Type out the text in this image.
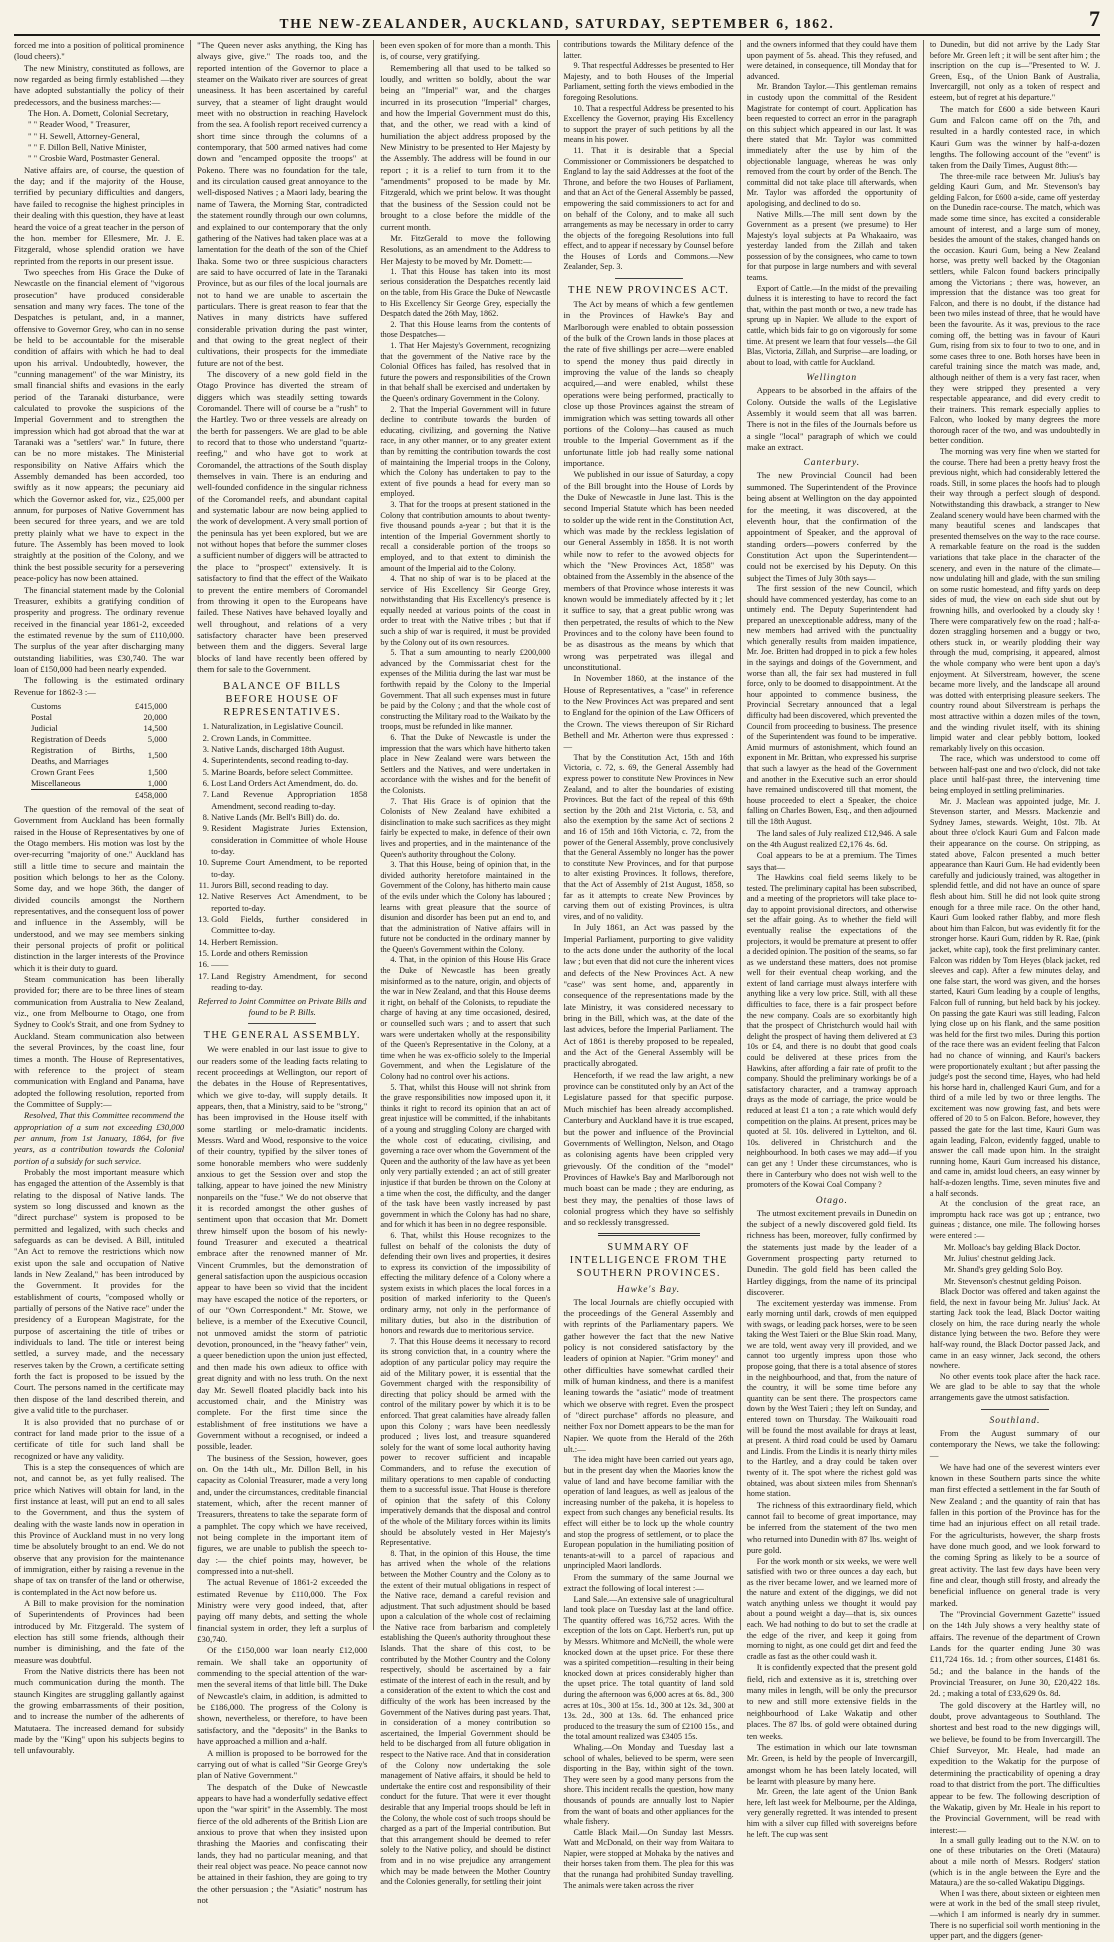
THE NEW-ZEALANDER, AUCKLAND, SATURDAY, SEPTEMBER 6, 1862.	7

forced me into a position of political prominence (loud cheers)."

The new Ministry, constituted as follows, are now regarded as being firmly established —they have adopted substantially the policy of their predecessors, and the business marches:—

The Hon. A. Domett, Colonial Secretary,
" " Reader Wood, " Treasurer,
" " H. Sewell, Attorney-General,
" " F. Dillon Bell, Native Minister,
" " Crosbie Ward, Postmaster General.

Native affairs are, of course, the question of the day; and if the majority of the House, terrified by pecuniary difficulties and dangers, have failed to recognise the highest principles in their dealing with this question, they have at least heard the voice of a great teacher in the person of the hon. member for Ellesmere, Mr. J. E. Fitzgerald, whose splendid oration we have reprinted from the reports in our present issue.

Two speeches from His Grace the Duke of Newcastle on the financial element of "vigorous prosecution" have produced considerable sensation and many wry faces. The tone of the Despatches is petulant, and, in a manner, offensive to Governor Grey, who can in no sense be held to be accountable for the miserable condition of affairs with which he had to deal upon his arrival. Undoubtedly, however, the "cunning management" of the war Ministry, its small financial shifts and evasions in the early period of the Taranaki disturbance, were calculated to provoke the suspicions of the Imperial Government and to strengthen the impression which had got abroad that the war at Taranaki was a "settlers' war." In future, there can be no more mistakes. The Ministerial responsibility on Native Affairs which the Assembly demanded has been accorded, too swiftly as it now appears; the pecuniary aid which the Governor asked for, viz., £25,000 per annum, for purposes of Native Government has been secured for three years, and we are told pretty plainly what we have to expect in the future. The Assembly has been moved to look straightly at the position of the Colony, and we think the best possible security for a persevering peace-policy has now been attained.

The financial statement made by the Colonial Treasurer, exhibits a gratifying condition of prosperity and progress. The ordinary revenue received in the financial year 1861-2, exceeded the estimated revenue by the sum of £110,000. The surplus of the year after discharging many outstanding liabilities, was £30,740. The war loan of £150,000 had been nearly expended.

The following is the estimated ordinary Revenue for 1862-3 :—

Customs	£415,000
Postal	20,000
Judicial	14,500
Registration of Deeds	5,000
Registration of Births, Deaths, and Marriages	1,500
Crown Grant Fees	1,500
Miscellaneous	1,000
	£458,000

The question of the removal of the seat of Government from Auckland has been formally raised in the House of Representatives by one of the Otago members. His motion was lost by the over-recurring "majority of one." Auckland has still a little time to secure and maintain the position which belongs to her as the Colony. Some day, and we hope 36th, the danger of divided councils amongst the Northern representatives, and the consequent loss of power and influence in the Assembly, will be understood, and we may see members sinking their personal projects of profit or political distinction in the larger interests of the Province which it is their duty to guard.

Steam communication has been liberally provided for; there are to be three lines of steam communication from Australia to New Zealand, viz., one from Melbourne to Otago, one from Sydney to Cook's Strait, and one from Sydney to Auckland. Steam communication also between the several Provinces, by the coast line, four times a month. The House of Representatives, with reference to the project of steam communication with England and Panama, have adopted the following resolution, reported from the Committee of Supply:—

Resolved, That this Committee recommend the appropriation of a sum not exceeding £30,000 per annum, from 1st January, 1864, for five years, as a contribution towards the Colonial portion of a subsidy for such service.

Probably the most important measure which has engaged the attention of the Assembly is that relating to the disposal of Native lands. The system so long discussed and known as the "direct purchase" system is proposed to be permitted and legalized, with such checks and safeguards as can be devised. A Bill, intituled "An Act to remove the restrictions which now exist upon the sale and occupation of Native lands in New Zealand," has been introduced by the Government. It provides for the establishment of courts, "composed wholly or partially of persons of the Native race" under the presidency of a European Magistrate, for the purpose of ascertaining the title of tribes or individuals to land. The title or interest being settled, a survey made, and the necessary reserves taken by the Crown, a certificate setting forth the fact is proposed to be issued by the Court. The persons named in the certificate may then dispose of the land described therein, and give a valid title to the purchaser.

It is also provided that no purchase of or contract for land made prior to the issue of a certificate of title for such land shall be recognized or have any validity.

This is a step the consequences of which are not, and cannot be, as yet fully realised. The price which Natives will obtain for land, in the first instance at least, will put an end to all sales to the Government, and thus the system of dealing with the waste lands now in operation in this Province of Auckland must in no very long time be absolutely brought to an end. We do not observe that any provision for the maintenance of immigration, either by raising a revenue in the shape of tax on transfer of the land or otherwise, is contemplated in the Act now before us.

A Bill to make provision for the nomination of Superintendents of Provinces had been introduced by Mr. Fitzgerald. The system of election has still some friends, although their number is diminishing, and the fate of the measure was doubtful.

From the Native districts there has been not much communication during the month. The staunch Kingites are struggling gallantly against the growing embarrassments of their position, and to increase the number of the adherents of Matutaera. The increased demand for subsidy made by the "King" upon his subjects begins to tell unfavourably.

"The Queen never asks anything, the King has always give, give." The roads too, and the reported intention of the Governor to place a steamer on the Waikato river are sources of great uneasiness. It has been ascertained by careful survey, that a steamer of light draught would meet with no obstruction in reaching Havelock from the sea. A foolish report received currency a short time since through the columns of a contemporary, that 500 armed natives had come down and "encamped opposite the troops" at Pokeno. There was no foundation for the tale, and its circulation caused great annoyance to the well-disposed Natives ; a Maori lady, bearing the name of Tawera, the Morning Star, contradicted the statement roundly through our own columns, and explained to our contemporary that the only gathering of the Natives had taken place was at a lamentation for the death of the son of the Chief Ihaka. Some two or three suspicious characters are said to have occurred of late in the Taranaki Province, but as our files of the local journals are not to hand we are unable to ascertain the particulars. There is great reason to fear that the Natives in many districts have suffered considerable privation during the past winter, and that owing to the great neglect of their cultivations, their prospects for the immediate future are not of the best.

The discovery of a new gold field in the Otago Province has diverted the stream of diggers which was steadily setting towards Coromandel. There will of course be a "rush" to the Hartley. Two or three vessels are already on the berth for passengers. We are glad to be able to record that to those who understand "quartz-reefing," and who have got to work at Coromandel, the attractions of the South display themselves in vain. There is an enduring and well-founded confidence in the singular richness of the Coromandel reefs, and abundant capital and systematic labour are now being applied to the work of development. A very small portion of the peninsula has yet been explored, but we are not without hopes that before the summer closes a sufficient number of diggers will be attracted to the place to "prospect" extensively. It is satisfactory to find that the effect of the Waikato to prevent the entire members of Coromandel from throwing it open to the Europeans have failed. These Natives have behaved loyally and well throughout, and relations of a very satisfactory character have been preserved between them and the diggers. Several large blocks of land have recently been offered by them for sale to the Government.

BALANCE OF BILLS BEFORE HOUSE OF REPRESENTATIVES.
1. Naturalization, in Legislative Council.
2. Crown Lands, in Committee.
3. Native Lands, discharged 18th August.
4. Superintendents, second reading to-day.
5. Marine Boards, before select Committee.
6. Lost Land Orders Act Amendment, do. do.
7. Land Revenue Appropriation 1858 Amendment, second reading to-day.
8. Native Lands (Mr. Bell's Bill) do. do.
9. Resident Magistrate Juries Extension, consideration in Committee of whole House to-day.
10. Supreme Court Amendment, to be reported to-day.
11. Jurors Bill, second reading to day.
12. Native Reserves Act Amendment, to be reported to-day.
13. Gold Fields, further considered in Committee to-day.
14. Herbert Remission.
15. Lorde and others Remission
16. ——
17. Land Registry Amendment, for second reading to-day.

Referred to Joint Committee on Private Bills and found to be P. Bills.

THE GENERAL ASSEMBLY.

We were enabled in our last issue to give to our readers some of the leading facts relating to recent proceedings at Wellington, our report of the debates in the House of Representatives, which we give to-day, will supply details. It appears, then, that a Ministry, said to be "strong," has been improvised in the House itself with some startling or melo-dramatic incidents. Messrs. Ward and Wood, responsive to the voice of their country, typified by the silver tones of some honorable members who were suddenly anxious to get the Session over and stop the talking, appear to have joined the new Ministry nonpareils on the "fuse." We do not observe that it is recorded amongst the other gushes of sentiment upon that occasion that Mr. Domett threw himself upon the bosom of his newly-found Treasurer and executed a theatrical embrace after the renowned manner of Mr. Vincent Crummles, but the demonstration of general satisfaction upon the auspicious occasion appear to have been so vivid that the incident may have escaped the notice of the reporters, or of our "Own Correspondent." Mr. Stowe, we believe, is a member of the Executive Council, not unmoved amidst the storm of patriotic devotion, pronounced, in the "heavy father" vein, a queer benediction upon the union just effected, and then made his own adieux to office with great dignity and with no less truth. On the next day Mr. Sewell floated placidly back into his accustomed chair, and the Ministry was complete. For the first time since the establishment of free institutions we have a Government without a recognised, or indeed a possible, leader.

The business of the Session, however, goes on. On the 14th ult., Mr. Dillon Bell, in his capacity as Colonial Treasurer, made a very long and, under the circumstances, creditable financial statement, which, after the recent manner of Treasurers, threatens to take the separate form of a pamphlet. The copy which we have received, not being complete in the important item of figures, we are unable to publish the speech to-day :— the chief points may, however, be compressed into a nut-shell.

The actual Revenue of 1861-2 exceeded the estimated Revenue by £110,000. The Fox Ministry were very good indeed, that, after paying off many debts, and setting the whole financial system in order, they left a surplus of £30,740.

Of the £150,000 war loan nearly £12,000 remain. We shall take an opportunity of commending to the special attention of the war-men the several items of that little bill. The Duke of Newcastle's claim, in addition, is admitted to be £186,000. The progress of the Colony is shown, nevertheless, or therefore, to have been satisfactory, and the "deposits" in the Banks to have approached a million and a-half.

A million is proposed to be borrowed for the carrying out of what is called "Sir George Grey's plan of Native Government."

The despatch of the Duke of Newcastle appears to have had a wonderfully sedative effect upon the "war spirit" in the Assembly. The most fierce of the old adherents of the British Lion are anxious to prove that when they insisted upon thrashing the Maories and confiscating their lands, they had no particular meaning, and that their real object was peace. No peace cannot now be attained in their fashion, they are going to try the other persuasion ; the "Asiatic" nostrum has not

been even spoken of for more than a month. This is, of course, very gratifying.

Remembering all that used to be talked so loudly, and written so boldly, about the war being an "Imperial" war, and the charges incurred in its prosecution "Imperial" charges, and how the Imperial Government must do this, that, and the other, we read with a kind of humiliation the abject address proposed by the New Ministry to be presented to Her Majesty by the Assembly. The address will be found in our report ; it is a relief to turn from it to the "amendments" proposed to be made by Mr. Fitzgerald, which we print below. It was thought that the business of the Session could not be brought to a close before the middle of the current month.

Mr. FitzGerald to move the following Resolutions, as an amendment to the Address to Her Majesty to be moved by Mr. Domett:—

1. That this House has taken into its most serious consideration the Despatches recently laid on the table, from His Grace the Duke of Newcastle to His Excellency Sir George Grey, especially the Despatch dated the 26th May, 1862.

2. That this House learns from the contents of those Despatches—

1. That Her Majesty's Government, recognizing that the government of the Native race by the Colonial Offices has failed, has resolved that in future the powers and responsibilities of the Crown in that behalf shall be exercised and undertaken by the Queen's ordinary Government in the Colony.

2. That the Imperial Government will in future decline to contribute towards the burden of educating, civilizing, and governing the Native race, in any other manner, or to any greater extent than by remitting the contribution towards the cost of maintaining the Imperial troops in the Colony, which the Colony has undertaken to pay to the extent of five pounds a head for every man so employed.

3. That for the troops at present stationed in the Colony that contribution amounts to about twenty-five thousand pounds a-year ; but that it is the intention of the Imperial Government shortly to recall a considerable portion of the troops so employed, and to that extent to diminish the amount of the Imperial aid to the Colony.

4. That no ship of war is to be placed at the service of His Excellency Sir George Grey, notwithstanding that His Excellency's presence is equally needed at various points of the coast in order to treat with the Native tribes ; but that if such a ship of war is required, it must be provided by the Colony out of its own resources.

5. That a sum amounting to nearly £200,000 advanced by the Commissariat chest for the expenses of the Militia during the last war must be forthwith repaid by the Colony to the Imperial Government. That all such expenses must in future be paid by the Colony ; and that the whole cost of constructing the Military road to the Waikato by the troops, must be refunded in like manner.

6. That the Duke of Newcastle is under the impression that the wars which have hitherto taken place in New Zealand were wars between the Settlers and the Natives, and were undertaken in accordance with the wishes and for the benefit of the Colonists.

7. That His Grace is of opinion that the Colonists of New Zealand have exhibited a disinclination to make such sacrifices as they might fairly be expected to make, in defence of their own lives and properties, and in the maintenance of the Queen's authority throughout the Colony.

3. That this House, being of opinion that, in the divided authority heretofore maintained in the Government of the Colony, has hitherto main cause of the evils under which the Colony has laboured ; learns with great pleasure that the source of disunion and disorder has been put an end to, and that the administration of Native affairs will in future not be conducted in the ordinary manner by the Queen's Government within the Colony.

4. That, in the opinion of this House His Grace the Duke of Newcastle has been greatly misinformed as to the nature, origin, and objects of the war in New Zealand, and that this House deems it right, on behalf of the Colonists, to repudiate the charge of having at any time occasioned, desired, or counselled such wars ; and to assert that such wars were undertaken wholly at the responsibility of the Queen's Representative in the Colony, at a time when he was ex-officio solely to the Imperial Government, and when the Legislature of the Colony had no control over his actions.

5. That, whilst this House will not shrink from the grave responsibilities now imposed upon it, it thinks it right to record its opinion that an act of great injustice will be committed, if the inhabitants of a young and struggling Colony are charged with the whole cost of educating, civilising, and governing a race over whom the Government of the Queen and the authority of the law have as yet been only very partially extended ; an act of still greater injustice if that burden be thrown on the Colony at a time when the cost, the difficulty, and the danger of the task have been vastly increased by past government in which the Colony has had no share, and for which it has been in no degree responsible.

6. That, whilst this House recognizes to the fullest on behalf of the colonists the duty of defending their own lives and properties, it desires to express its conviction of the impossibility of effecting the military defence of a Colony where a system exists in which places the local forces in a position of marked inferiority to the Queen's ordinary army, not only in the performance of military duties, but also in the distribution of honors and rewards due to meritorious service.

7. That this House deems it necessary to record its strong conviction that, in a country where the adoption of any particular policy may require the aid of the Military power, it is essential that the Government charged with the responsibility of directing that policy should be armed with the control of the military power by which it is to be enforced. That great calamities have already fallen upon this Colony ; wars have been needlessly produced ; lives lost, and treasure squandered solely for the want of some local authority having power to recover sufficient and incapable Commanders, and to refuse the execution of military operations to men capable of conducting them to a successful issue. That House is therefore of opinion that the safety of this Colony imperatively demands that the disposal and control of the whole of the Military forces within its limits should be absolutely vested in Her Majesty's Representative.

8. That, in the opinion of this House, the time has arrived when the whole of the relations between the Mother Country and the Colony as to the extent of their mutual obligations in respect of the Native race, demand a careful revision and adjustment. That such adjustment should be based upon a calculation of the whole cost of reclaiming the Native race from barbarism and completely establishing the Queen's authority throughout these Islands. That the share of this cost, to be contributed by the Mother Country and the Colony respectively, should be ascertained by a fair estimate of the interest of each in the result, and by a consideration of the extent to which the cost and difficulty of the work has been increased by the Government of the Natives during past years. That, in consideration of a money contribution so ascertained, the Imperial Government should be held to be discharged from all future obligation in respect to the Native race. And that in consideration of the Colony now undertaking the sole management of Native affairs, it should be held to undertake the entire cost and responsibility of their conduct for the future. That were it ever thought desirable that any Imperial troops should be left in the Colony, the whole cost of such troops should be charged as a part of the Imperial contribution. But that this arrangement should be deemed to refer solely to the Native policy, and should be distinct from and in no wise prejudice any arrangement which may be made between the Mother Country and the Colonies generally, for settling their joint

contributions towards the Military defence of the latter.

9. That respectful Addresses be presented to Her Majesty, and to both Houses of the Imperial Parliament, setting forth the views embodied in the foregoing Resolutions.

10. That a respectful Address be presented to his Excellency the Governor, praying His Excellency to support the prayer of such petitions by all the means in his power.

11. That it is desirable that a Special Commissioner or Commissioners be despatched to England to lay the said Addresses at the foot of the Throne, and before the two Houses of Parliament, and that an Act of the General Assembly be passed, empowering the said commissioners to act for and on behalf of the Colony, and to make all such arrangements as may be necessary in order to carry the objects of the foregoing Resolutions into full effect, and to appear if necessary by Counsel before the Houses of Lords and Commons.—New Zealander, Sep. 3.

THE NEW PROVINCES ACT.

The Act by means of which a few gentlemen in the Provinces of Hawke's Bay and Marlborough were enabled to obtain possession of the bulk of the Crown lands in those places at the rate of five shillings per acre—were enabled to spend the money thus paid directly in improving the value of the lands so cheaply acquired,—and were enabled, whilst these operations were being performed, practically to close up those Provinces against the stream of immigration which was setting towards all other portions of the Colony—has caused as much trouble to the Imperial Government as if the unfortunate little job had really some national importance.

We published in our issue of Saturday, a copy of the Bill brought into the House of Lords by the Duke of Newcastle in June last. This is the second Imperial Statute which has been needed to solder up the wide rent in the Constitution Act, which was made by the reckless legislation of our General Assembly in 1858. It is not worth while now to refer to the avowed objects for which the "New Provinces Act, 1858" was obtained from the Assembly in the absence of the members of that Province whose interests it was known would be immediately affected by it ; let it suffice to say, that a great public wrong was then perpetrated, the results of which to the New Provinces and to the colony have been found to be as disastrous as the means by which that wrong was perpetrated was illegal and unconstitutional.

In November 1860, at the instance of the House of Representatives, a "case" in reference to the New Provinces Act was prepared and sent to England for the opinion of the Law Officers of the Crown. The views thereupon of Sir Richard Bethell and Mr. Atherton were thus expressed :—

That by the Constitution Act, 15th and 16th Victoria, c. 72, s. 69, the General Assembly had express power to constitute New Provinces in New Zealand, and to alter the boundaries of existing Provinces. But the fact of the repeal of this 69th section by the 20th and 21st Victoria, c. 53, and also the exemption by the same Act of sections 2 and 16 of 15th and 16th Victoria, c. 72, from the power of the General Assembly, prove conclusively that the General Assembly no longer has the power to constitute New Provinces, and for that purpose to alter existing Provinces. It follows, therefore, that the Act of Assembly of 21st August, 1858, so far as it attempts to create New Provinces by carving them out of existing Provinces, is ultra vires, and of no validity.

In July 1861, an Act was passed by the Imperial Parliament, purporting to give validity to the acts done under the authority of the local law ; but even that did not cure the inherent vices and defects of the New Provinces Act. A new "case" was sent home, and, apparently in consequence of the representations made by the late Ministry, it was considered necessary to bring in the Bill, which was, at the date of the last advices, before the Imperial Parliament. The Act of 1861 is thereby proposed to be repealed, and the Act of the General Assembly will be practically abrogated.

Henceforth, if we read the law aright, a new province can be constituted only by an Act of the Legislature passed for that specific purpose. Much mischief has been already accomplished. Canterbury and Auckland have it is true escaped, but the power and influence of the Provincial Governments of Wellington, Nelson, and Otago as colonising agents have been crippled very grievously. Of the condition of the "model" Provinces of Hawke's Bay and Marlborough not much boast can be made ; they are enduring, as best they may, the penalties of those laws of colonial progress which they have so selfishly and so recklessly transgressed.

SUMMARY OF INTELLIGENCE FROM THE SOUTHERN PROVINCES.
Hawke's Bay.

The local Journals are chiefly occupied with the proceedings of the General Assembly and with reprints of the Parliamentary papers. We gather however the fact that the new Native policy is not considered satisfactory by the leaders of opinion at Napier. "Grim money" and other difficulties have somewhat cardled their milk of human kindness, and there is a manifest leaning towards the "asiatic" mode of treatment which we observe with regret. Even the prospect of "direct purchase" affords no pleasure, and neither Fox nor Domett appears to be the man for Napier. We quote from the Herald of the 26th ult.:—

The idea might have been carried out years ago, but in the present day when the Maories know the value of land and have become familiar with the operation of land leagues, as well as jealous of the increasing number of the pakeha, it is hopeless to expect from such changes any beneficial results. Its effect will either be to lock up the whole country and stop the progress of settlement, or to place the European population in the humiliating position of tenants-at-will to a parcel of rapacious and unprincipled Maori landlords.

From the summary of the same Journal we extract the following of local interest :—

Land Sale.—An extensive sale of unagricultural land took place on Tuesday last at the land office. The quantity offered was 16,752 acres. With the exception of the lots on Capt. Herbert's run, put up by Messrs. Whitmore and McNeill, the whole were knocked down at the upset price. For these there was a spirited competition—resulting in their being knocked down at prices considerably higher than the upset price. The total quantity of land sold during the afternoon was 6,000 acres at 6s. 8d., 300 acres at 10s., 300 at 15s. 1d., 300 at 12s. 3d., 300 at 13s. 2d., 300 at 13s. 6d. The enhanced price produced to the treasury the sum of £2100 15s., and the total amount realized was £3405 15s.

Whaling.—On Monday and Tuesday last a school of whales, believed to be sperm, were seen disporting in the Bay, within sight of the town. They were seen by a good many persons from the shore. This incident recalls the question, how many thousands of pounds are annually lost to Napier from the want of boats and other appliances for the whale fishery.

Cattle Black Mail.—On Sunday last Messrs. Watt and McDonald, on their way from Waitara to Napier, were stopped at Mohaka by the natives and their horses taken from them. The plea for this was that the runanga had prohibited Sunday travelling. The animals were taken across the river

and the owners informed that they could have them upon payment of 5s. ahead. This they refused, and were detained, in consequence, till Monday that for advanced.

Mr. Brandon Taylor.—This gentleman remains in custody upon the committal of the Resident Magistrate for contempt of court. Application has been requested to correct an error in the paragraph on this subject which appeared in our last. It was there stated that Mr. Taylor was committed immediately after the use by him of the objectionable language, whereas he was only removed from the court by order of the Bench. The committal did not take place till afterwards, when Mr. Taylor was afforded the opportunity of apologising, and declined to do so.

Native Mills.—The mill sent down by the Government as a present (we presume) to Her Majesty's loyal subjects at Pa Whakaairo, was yesterday landed from the Zillah and taken possession of by the consignees, who came to town for that purpose in large numbers and with several teams.

Export of Cattle.—In the midst of the prevailing dulness it is interesting to have to record the fact that, within the past month or two, a new trade has sprung up in Napier. We allude to the export of cattle, which bids fair to go on vigorously for some time. At present we learn that four vessels—the Gil Blas, Victoria, Zillah, and Surprise—are loading, or about to load, with cattle for Auckland.

Wellington

Appears to be absorbed in the affairs of the Colony. Outside the walls of the Legislative Assembly it would seem that all was barren. There is not in the files of the Journals before us a single "local" paragraph of which we could make an extract.

Canterbury.

The new Provincial Council had been summoned. The Superintendent of the Province being absent at Wellington on the day appointed for the meeting, it was discovered, at the eleventh hour, that the confirmation of the appointment of Speaker, and the approval of standing orders—powers conferred by the Constitution Act upon the Superintendent—could not be exercised by his Deputy. On this subject the Times of July 30th says—

The first session of the new Council, which should have commenced yesterday, has come to an untimely end. The Deputy Superintendent had prepared an unexceptionable address, many of the new members had arrived with the punctuality which generally results from maiden impatience, Mr. Joe. Britten had dropped in to pick a few holes in the sayings and doings of the Government, and worse than all, the fair sex had mustered in full force, only to be doomed to disappointment. At the hour appointed to commence business, the Provincial Secretary announced that a legal difficulty had been discovered, which prevented the Council from proceeding to business. The presence of the Superintendent was found to be imperative. Amid murmurs of astonishment, which found an exponent in Mr. Brittan, who expressed his surprise that such a lawyer as the head of the Government and another in the Executive such an error should have remained undiscovered till that moment, the house proceeded to elect a Speaker, the choice falling on Charles Bowen, Esq., and then adjourned till the 18th August.

The land sales of July realized £12,946. A sale on the 4th August realized £2,176 4s. 6d.

Coal appears to be at a premium. The Times says that—

The Hawkins coal field seems likely to be tested. The preliminary capital has been subscribed, and a meeting of the proprietors will take place to-day to appoint provisional directors, and otherwise set the affair going. As to whether the field will eventually realise the expectations of the projectors, it would be premature at present to offer a decided opinion. The position of the seams, so far as we understand these matters, does not promise well for their eventual cheap working, and the extent of land carriage must always interfere with anything like a very low price. Still, with all these difficulties to face, there is a fair prospect before the new company. Coals are so exorbitantly high that the prospect of Christchurch would hail with delight the prospect of having them delivered at £3 10s or £4, and there is no doubt that good coals could be delivered at these prices from the Hawkins, after affording a fair rate of profit to the company. Should the preliminary workings be of a satisfactory character, and a tramway approach drays as the mode of carriage, the price would be reduced at least £1 a ton ; a rate which would defy competition on the plains. At present, prices may be quoted at 5l. 10s. delivered in Lyttelton, and 6l. 10s. delivered in Christchurch and the neighbourhood. In both cases we may add—if you can get any ! Under these circumstances, who is there in Canterbury who does not wish well to the promoters of the Kowai Coal Company ?

Otago.

The utmost excitement prevails in Dunedin on the subject of a newly discovered gold field. Its richness has been, moreover, fully confirmed by the statements just made by the leader of a Government prospecting party returned to Dunedin. The gold field has been called the Hartley diggings, from the name of its principal discoverer.

The excitement yesterday was immense. From early morning until dark, crowds of men equipped with swags, or leading pack horses, were to be seen taking the West Taieri or the Blue Skin road. Many, we are told, went away very ill provided, and we cannot too urgently impress upon those who propose going, that there is a total absence of stores in the neighbourhood, and that, from the nature of the country, it will be some time before any quantity can be sent there. The prospectors came down by the West Taieri ; they left on Sunday, and entered town on Thursday. The Waikouaiti road will be found the most available for drays at least, at present. A third road could be used by Oamaru and Lindis. From the Lindis it is nearly thirty miles to the Hartley, and a dray could be taken over twenty of it. The spot where the richest gold was obtained, was about sixteen miles from Shennan's home station.

The richness of this extraordinary field, which cannot fail to become of great importance, may be inferred from the statement of the two men who returned into Dunedin with 87 lbs. weight of pure gold.

For the work month or six weeks, we were well satisfied with two or three ounces a day each, but as the river became lower, and we learned more of the nature and extent of the diggings, we did not watch anything unless we thought it would pay about a pound weight a day—that is, six ounces each. We had nothing to do but to set the cradle at the edge of the river, and keep it going from morning to night, as one could get dirt and feed the cradle as fast as the other could wash it.

It is confidently expected that the present gold field, rich and extensive as it is, stretching over many miles in length, will be only the precursor to new and still more extensive fields in the neighbourhood of Lake Wakatip and other places. The 87 lbs. of gold were obtained during ten weeks.

The estimation in which our late townsman Mr. Green, is held by the people of Invercargill, amongst whom he has been lately located, will be learnt with pleasure by many here.

Mr. Green, the late agent of the Union Bank here, left last week for Melbourne, per the Aldinga, very generally regretted. It was intended to present him with a silver cup filled with sovereigns before he left. The cup was sent

to Dunedin, but did not arrive by the Lady Star before Mr. Green left ; it will be sent after him ; the inscription on the cup is—"Presented to W. J. Green, Esq., of the Union Bank of Australia, Invercargill, not only as a token of respect and esteem, but of regret at his departure."

The match for £600 a side between Kauri Gum and Falcon came off on the 7th, and resulted in a hardly contested race, in which Kauri Gum was the winner by half-a-dozen lengths. The following account of the "event" is taken from the Daily Times, August 8th:—

The three-mile race between Mr. Julius's bay gelding Kauri Gum, and Mr. Stevenson's bay gelding Falcon, for £600 a-side, came off yesterday on the Dunedin race-course. The match, which was made some time since, has excited a considerable amount of interest, and a large sum of money, besides the amount of the stakes, changed hands on the occasion. Kauri Gum, being a New Zealand horse, was pretty well backed by the Otagonian settlers, while Falcon found backers principally among the Victorians ; there was, however, an impression that the distance was too great for Falcon, and there is no doubt, if the distance had been two miles instead of three, that he would have been the favourite. As it was, previous to the race coming off, the betting was in favour of Kauri Gum, rising from six to four to two to one, and in some cases three to one. Both horses have been in careful training since the match was made, and, although neither of them is a very fast racer, when they were stripped they presented a very respectable appearance, and did every credit to their trainers. This remark especially applies to Falcon, who looked by many degrees the more thorough racer of the two, and was undoubtedly in better condition.

The morning was very fine when we started for the course. There had been a pretty heavy frost the previous night, which had considerably lettered the roads. Still, in some places the hoofs had to plough their way through a perfect slough of despond. Notwithstanding this drawback, a stranger to New Zealand scenery would have been charmed with the many beautiful scenes and landscapes that presented themselves on the way to the race course. A remarkable feature on the road is the sudden variations that take place in the character of the scenery, and even in the nature of the climate—now undulating hill and glade, with the sun smiling on some rustic homestead, and fifty yards on deep sides of mud, the view on each side shut out by frowning hills, and overlooked by a cloudy sky ! There were comparatively few on the road ; half-a-dozen straggling horsemen and a buggy or two, others stuck in, or wearily plodding their way through the mud, comprising, it appeared, almost the whole company who were bent upon a day's enjoyment. At Silverstream, however, the scene became more lively, and the landscape all around was dotted with enterprising pleasure seekers. The country round about Silverstream is perhaps the most attractive within a dozen miles of the town, and the winding rivulet itself, with its shining limpid water and clear pebbly bottom, looked remarkably lively on this occasion.

The race, which was understood to come off between half-past one and two o'clock, did not take place until half-past three, the intervening time being employed in settling preliminaries.

Mr. J. Maclean was appointed judge, Mr. J. Stevenson starter, and Messrs. Mackenzie and Sydney James, stewards. Weight, 10st. 7lb. At about three o'clock Kauri Gum and Falcon made their appearance on the course. On stripping, as stated above, Falcon presented a much better appearance than Kauri Gum. He had evidently been carefully and judiciously trained, was altogether in splendid fettle, and did not have an ounce of spare flesh about him. Still he did not look quite strong enough for a three mile race. On the other hand, Kauri Gum looked rather flabby, and more flesh about him than Falcon, but was evidently fit for the stronger horse. Kauri Gum, ridden by R. Rae, (pink jacket, white cap), took the first preliminary canter. Falcon was ridden by Tom Heyes (black jacket, red sleeves and cap). After a few minutes delay, and one false start, the word was given, and the horses started, Kauri Gum leading by a couple of lengths, Falcon full of running, but held back by his jockey. On passing the gate Kauri was still leading, Falcon lying close up on his flank, and the same position was held for the first two miles. During this portion of the race there was an evident feeling that Falcon had no chance of winning, and Kauri's backers were proportionately exultant ; but after passing the judge's post the second time, Hayes, who had held his horse hard in, challenged Kauri Gum, and for a third of a mile led by two or three lengths. The excitement was now growing fast, and bets were offered of 20 to 5 on Falcon. Before, however, they passed the gate for the last time, Kauri Gum was again leading, Falcon, evidently fagged, unable to answer the call made upon him. In the straight running home, Kauri Gum increased his distance, and came in, amidst loud cheers, an easy winner by half-a-dozen lengths. Time, seven minutes five and a half seconds.

At the conclusion of the great race, an impromptu hack race was got up ; entrance, two guineas ; distance, one mile. The following horses were entered :—

Mr. Molloac's bay gelding Black Doctor.
Mr. Julius' chestnut gelding Jack.
Mr. Shand's grey gelding Solo Boy.
Mr. Stevenson's chestnut gelding Poison.

Black Doctor was offered and taken against the field, the next in favour being Mr. Julius' Jack. At starting Jack took the lead, Black Doctor waiting closely on him, the race during nearly the whole distance lying between the two. Before they were half-way round, the Black Doctor passed Jack, and came in an easy winner, Jack second, the others nowhere.

No other events took place after the hack race. We are glad to be able to say that the whole arrangements gave the utmost satisfaction.

Southland.

From the August summary of our contemporary the News, we take the following:—

We have had one of the severest winters ever known in these Southern parts since the white man first effected a settlement in the far South of New Zealand ; and the quantity of rain that has fallen in this portion of the Province has for the time had an injurious effect on all retail trade. For the agriculturists, however, the sharp frosts have done much good, and we look forward to the coming Spring as likely to be a source of great activity. The last few days have been very fine and clear, though still frosty, and already the beneficial influence on general trade is very marked.

The "Provincial Government Gazette" issued on the 14th July shows a very healthy state of affairs. The revenue of the department of Crown Lands for the quarter ending June 30 was £11,724 16s. 1d. ; from other sources, £1481 6s. 5d.; and the balance in the hands of the Provincial Treasurer, on June 30, £20,422 18s. 2d. ; making a total of £33,629 0s. 8d.

The gold discovery at the Hartley will, no doubt, prove advantageous to Southland. The shortest and best road to the new diggings will, we believe, be found to be from Invercargill. The Chief Surveyor, Mr. Heale, had made an expedition to the Wakatip for the purpose of determining the practicability of opening a dray road to that district from the port. The difficulties appear to be few. The following description of the Wakatip, given by Mr. Heale in his report to the Provincial Government, will be read with interest:—

In a small gully leading out to the N.W. on to one of these tributaries on the Oreti (Mataura) about a mile north of Messrs. Rodgers' station (which is in the angle between the Eyre and the Mataura,) are the so-called Wakatipu Diggings.

When I was there, about sixteen or eighteen men were at work in the bed of the small steep rivulet,—which I am informed is nearly dry in summer. There is no superficial soil worth mentioning in the upper part, and the diggers (gener-
